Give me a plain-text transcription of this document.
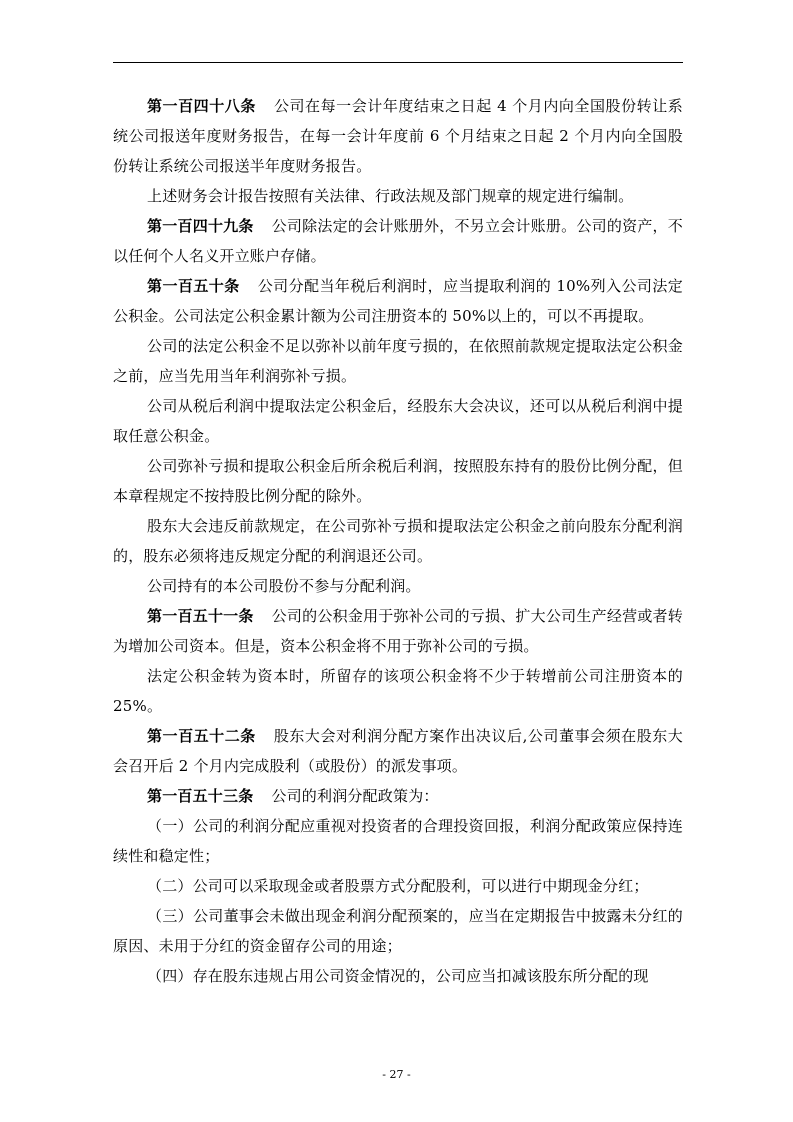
第一百四十八条 公司在每一会计年度结束之日起 4 个月内向全国股份转让系统公司报送年度财务报告，在每一会计年度前 6 个月结束之日起 2 个月内向全国股份转让系统公司报送半年度财务报告。

上述财务会计报告按照有关法律、行政法规及部门规章的规定进行编制。

第一百四十九条 公司除法定的会计账册外，不另立会计账册。公司的资产，不以任何个人名义开立账户存储。

第一百五十条 公司分配当年税后利润时，应当提取利润的 10%列入公司法定公积金。公司法定公积金累计额为公司注册资本的 50%以上的，可以不再提取。

公司的法定公积金不足以弥补以前年度亏损的，在依照前款规定提取法定公积金之前，应当先用当年利润弥补亏损。

公司从税后利润中提取法定公积金后，经股东大会决议，还可以从税后利润中提取任意公积金。

公司弥补亏损和提取公积金后所余税后利润，按照股东持有的股份比例分配，但本章程规定不按持股比例分配的除外。

股东大会违反前款规定，在公司弥补亏损和提取法定公积金之前向股东分配利润的，股东必须将违反规定分配的利润退还公司。

公司持有的本公司股份不参与分配利润。

第一百五十一条 公司的公积金用于弥补公司的亏损、扩大公司生产经营或者转为增加公司资本。但是，资本公积金将不用于弥补公司的亏损。

法定公积金转为资本时，所留存的该项公积金将不少于转增前公司注册资本的 25%。

第一百五十二条 股东大会对利润分配方案作出决议后,公司董事会须在股东大会召开后 2 个月内完成股利（或股份）的派发事项。

第一百五十三条 公司的利润分配政策为：

（一）公司的利润分配应重视对投资者的合理投资回报，利润分配政策应保持连续性和稳定性；

（二）公司可以采取现金或者股票方式分配股利，可以进行中期现金分红；

（三）公司董事会未做出现金利润分配预案的，应当在定期报告中披露未分红的原因、未用于分红的资金留存公司的用途；

（四）存在股东违规占用公司资金情况的，公司应当扣减该股东所分配的现

- 27 -
